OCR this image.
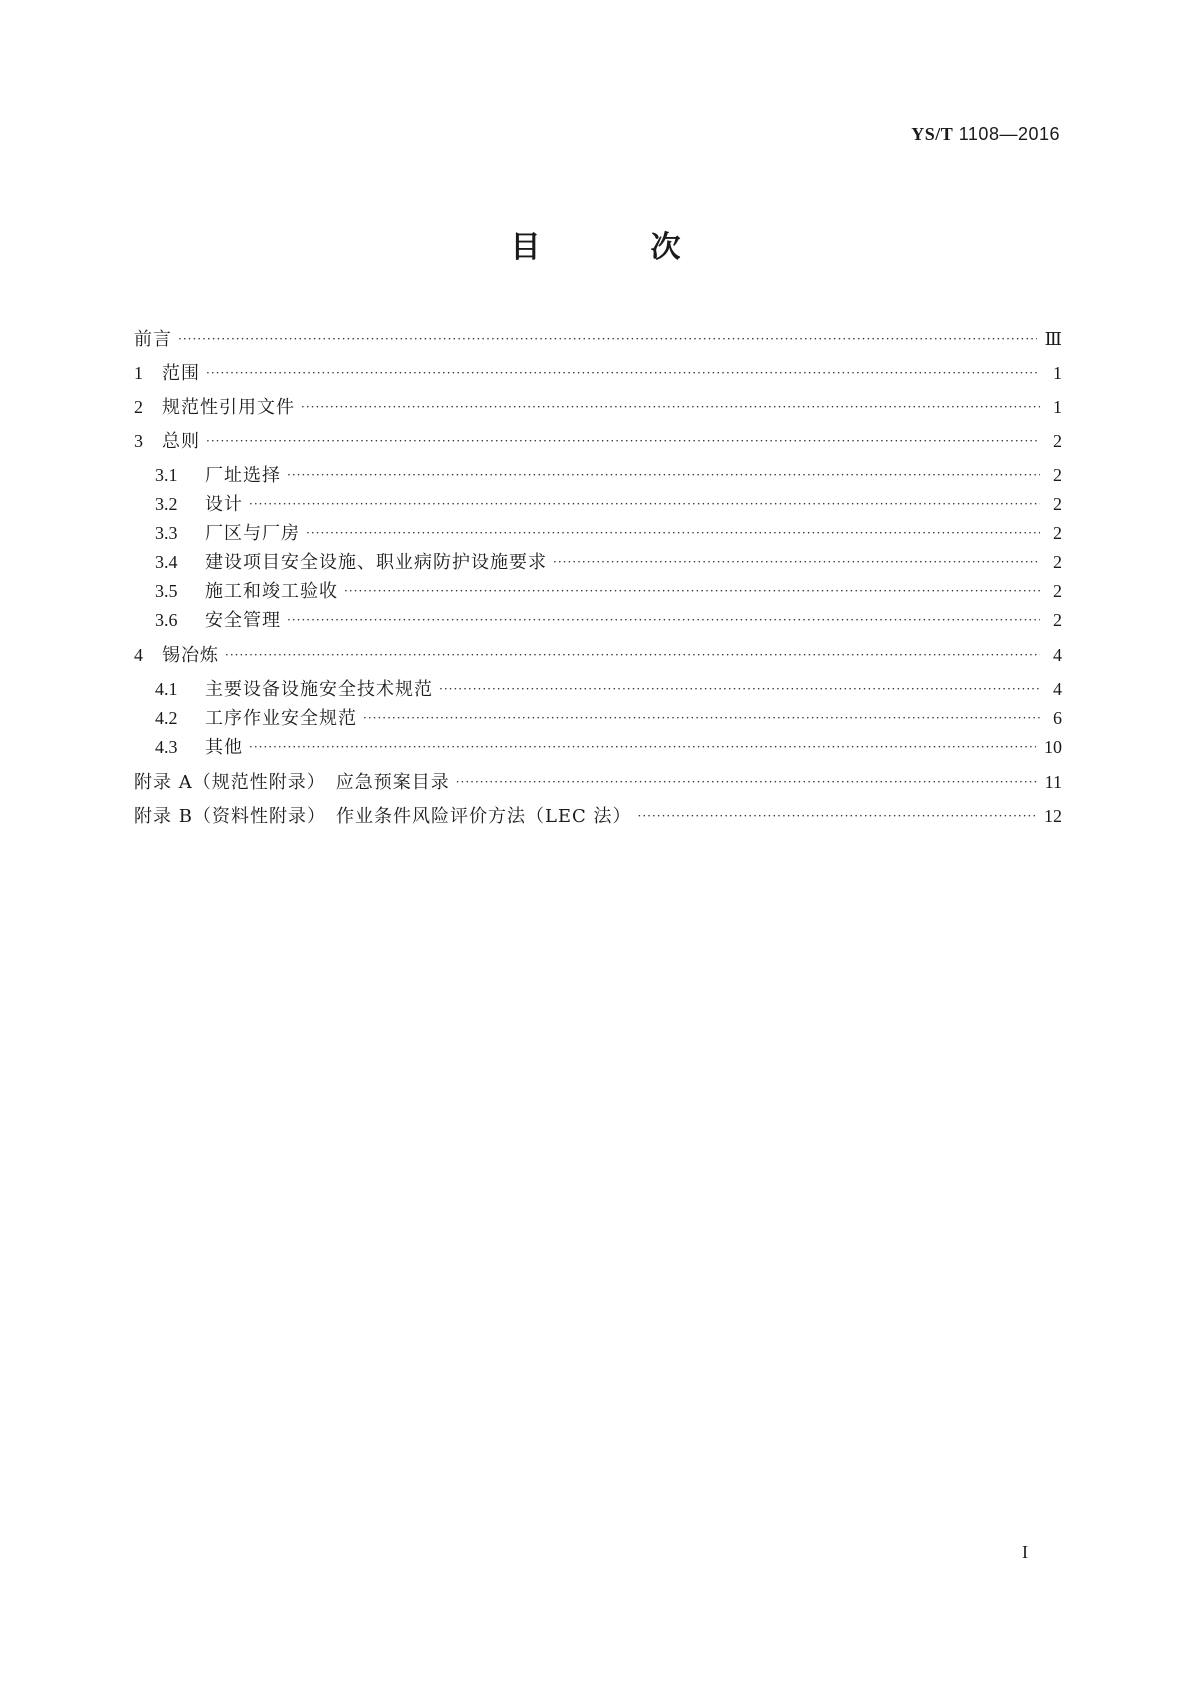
YS/T 1108—2016
目　次
前言 ·····	Ⅲ
1	范围 ·····	1
2	规范性引用文件 ·····	1
3	总则 ·····	2
3.1	厂址选择 ·····	2
3.2	设计 ·····	2
3.3	厂区与厂房 ·····	2
3.4	建设项目安全设施、职业病防护设施要求 ·····	2
3.5	施工和竣工验收 ·····	2
3.6	安全管理 ·····	2
4	锡冶炼 ·····	4
4.1	主要设备设施安全技术规范 ·····	4
4.2	工序作业安全规范 ·····	6
4.3	其他 ·····	10
附录 A（规范性附录）　应急预案目录 ·····	11
附录 B（资料性附录）　作业条件风险评价方法（LEC 法） ·····	12
I
